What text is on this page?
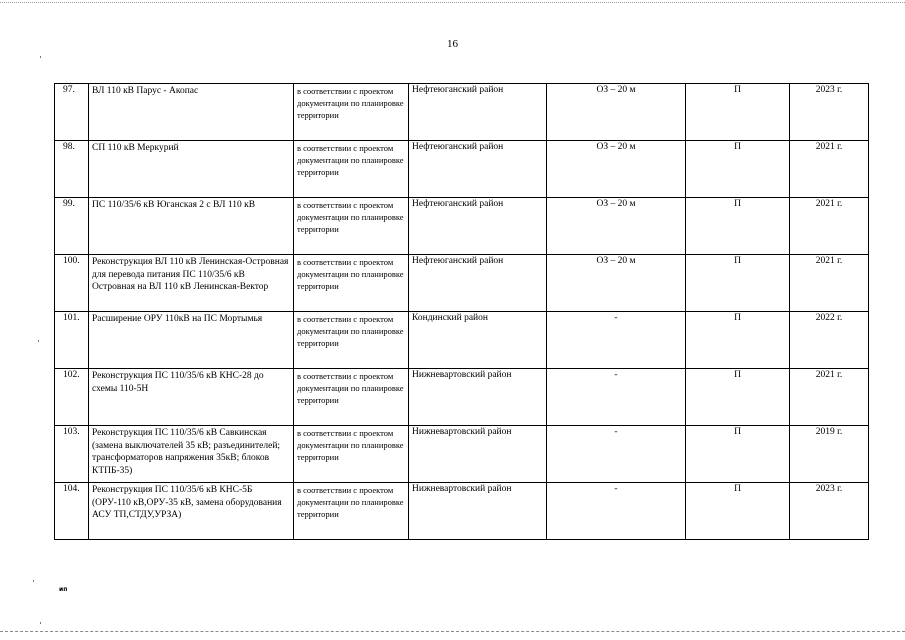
16
97.	ВЛ 110 кВ Парус - Акопас	в соответствии с проектом документации по планировке территории	Нефтеюганский район	ОЗ – 20 м	П	2023 г.
98.	СП 110 кВ Меркурий	в соответствии с проектом документации по планировке территории	Нефтеюганский район	ОЗ – 20 м	П	2021 г.
99.	ПС 110/35/6 кВ Юганская 2 с ВЛ 110 кВ	в соответствии с проектом документации по планировке территории	Нефтеюганский район	ОЗ – 20 м	П	2021 г.
100.	Реконструкция ВЛ 110 кВ Ленинская-Островная для перевода питания ПС 110/35/6 кВ Островная на ВЛ 110 кВ Ленинская-Вектор	в соответствии с проектом документации по планировке территории	Нефтеюганский район	ОЗ – 20 м	П	2021 г.
101.	Расширение ОРУ 110кВ на ПС Мортымья	в соответствии с проектом документации по планировке территории	Кондинский район	-	П	2022 г.
102.	Реконструкция ПС 110/35/6 кВ КНС-28 до схемы 110-5Н	в соответствии с проектом документации по планировке территории	Нижневартовский район	-	П	2021 г.
103.	Реконструкция ПС 110/35/6 кВ Савкинская (замена выключателей 35 кВ; разъединителей; трансформаторов напряжения 35кВ; блоков КТПБ-35)	в соответствии с проектом документации по планировке территории	Нижневартовский район	-	П	2019 г.
104.	Реконструкция ПС 110/35/6 кВ КНС-5Б (ОРУ-110 кВ,ОРУ-35 кВ, замена оборудования АСУ ТП,СТДУ,УРЗА)	в соответствии с проектом документации по планировке территории	Нижневартовский район	-	П	2023 г.
ип
